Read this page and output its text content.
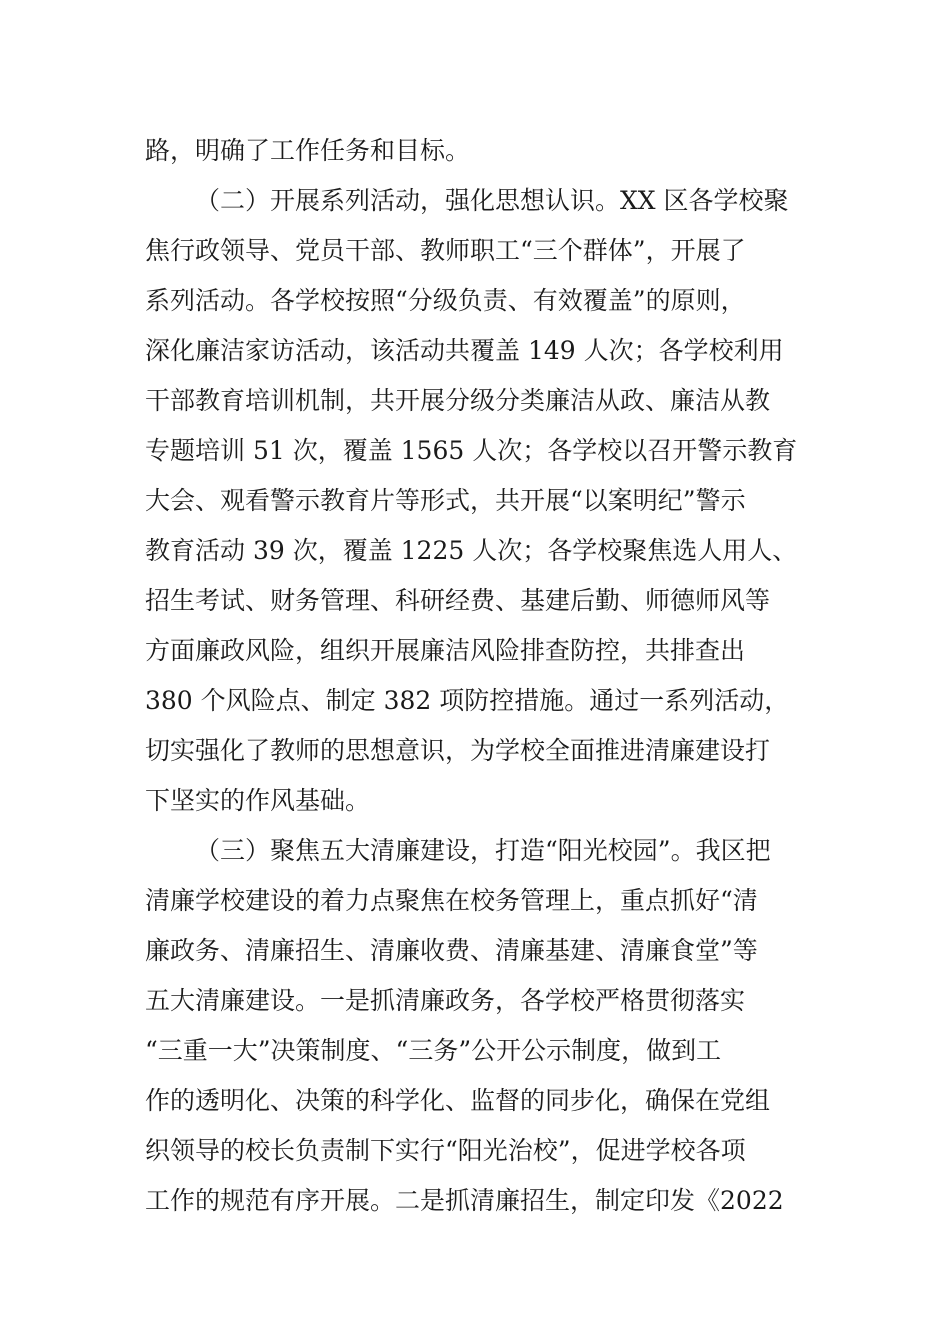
路，明确了工作任务和目标。
（二）开展系列活动，强化思想认识。XX 区各学校聚
焦行政领导、党员干部、教师职工“三个群体”，开展了
系列活动。各学校按照“分级负责、有效覆盖”的原则，
深化廉洁家访活动，该活动共覆盖 149 人次；各学校利用
干部教育培训机制，共开展分级分类廉洁从政、廉洁从教
专题培训 51 次，覆盖 1565 人次；各学校以召开警示教育
大会、观看警示教育片等形式，共开展“以案明纪”警示
教育活动 39 次，覆盖 1225 人次；各学校聚焦选人用人、
招生考试、财务管理、科研经费、基建后勤、师德师风等
方面廉政风险，组织开展廉洁风险排查防控，共排查出
380 个风险点、制定 382 项防控措施。通过一系列活动，
切实强化了教师的思想意识，为学校全面推进清廉建设打
下坚实的作风基础。
（三）聚焦五大清廉建设，打造“阳光校园”。我区把
清廉学校建设的着力点聚焦在校务管理上，重点抓好“清
廉政务、清廉招生、清廉收费、清廉基建、清廉食堂”等
五大清廉建设。一是抓清廉政务，各学校严格贯彻落实
“三重一大”决策制度、“三务”公开公示制度，做到工
作的透明化、决策的科学化、监督的同步化，确保在党组
织领导的校长负责制下实行“阳光治校”，促进学校各项
工作的规范有序开展。二是抓清廉招生，制定印发《2022
